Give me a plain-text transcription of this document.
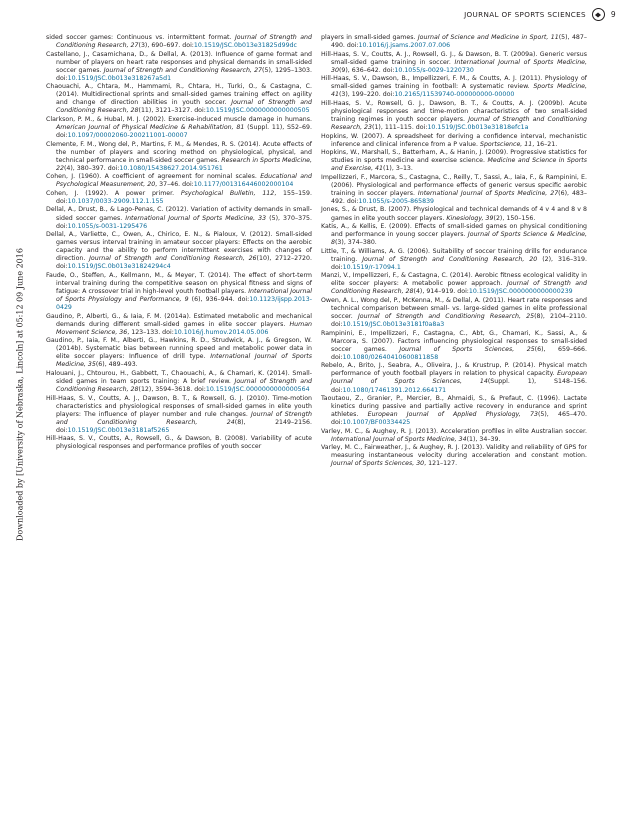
JOURNAL OF SPORTS SCIENCES	9
Downloaded by [University of Nebraska, Lincoln] at 05:12 09 June 2016

sided soccer games: Continuous vs. intermittent format. Journal of Strength and Conditioning Research, 27(3), 690–697. doi:10.1519/JSC.0b013e31825d99dc

Castellano, J., Casamichana, D., & Dellal, A. (2013). Influence of game format and number of players on heart rate responses and physical demands in small-sided soccer games. Journal of Strength and Conditioning Research, 27(5), 1295–1303. doi:10.1519/JSC.0b013e318267a5d1

Chaouachi, A., Chtara, M., Hammami, R., Chtara, H., Turki, O., & Castagna, C. (2014). Multidirectional sprints and small-sided games training effect on agility and change of direction abilities in youth soccer. Journal of Strength and Conditioning Research, 28(11), 3121–3127. doi:10.1519/JSC.0000000000000505

Clarkson, P. M., & Hubal, M. J. (2002). Exercise-induced muscle damage in humans. American Journal of Physical Medicine & Rehabilitation, 81 (Suppl. 11), S52–69. doi:10.1097/00002060-200211001-00007

Clemente, F. M., Wong del, P., Martins, F. M., & Mendes, R. S. (2014). Acute effects of the number of players and scoring method on physiological, physical, and technical performance in small-sided soccer games. Research in Sports Medicine, 22(4), 380–397. doi:10.1080/15438627.2014.951761

Cohen, J. (1960). A coefficient of agreement for nominal scales. Educational and Psychological Measurement, 20, 37–46. doi:10.1177/001316446002000104

Cohen, J. (1992). A power primer. Psychological Bulletin, 112, 155–159. doi:10.1037/0033-2909.112.1.155

Dellal, A., Drust, B., & Lago-Penas, C. (2012). Variation of activity demands in small-sided soccer games. International Journal of Sports Medicine, 33 (5), 370–375. doi:10.1055/s-0031-1295476

Dellal, A., Varliette, C., Owen, A., Chirico, E. N., & Pialoux, V. (2012). Small-sided games versus interval training in amateur soccer players: Effects on the aerobic capacity and the ability to perform intermittent exercises with changes of direction. Journal of Strength and Conditioning Research, 26(10), 2712–2720. doi:10.1519/JSC.0b013e31824294c4

Faude, O., Steffen, A., Kellmann, M., & Meyer, T. (2014). The effect of short-term interval training during the competitive season on physical fitness and signs of fatigue: A crossover trial in high-level youth football players. International Journal of Sports Physiology and Performance, 9 (6), 936–944. doi:10.1123/ijspp.2013-0429

Gaudino, P., Alberti, G., & Iaia, F. M. (2014a). Estimated metabolic and mechanical demands during different small-sided games in elite soccer players. Human Movement Science, 36, 123–133. doi:10.1016/j.humov.2014.05.006

Gaudino, P., Iaia, F. M., Alberti, G., Hawkins, R. D., Strudwick, A. J., & Gregson, W. (2014b). Systematic bias between running speed and metabolic power data in elite soccer players: Influence of drill type. International Journal of Sports Medicine, 35(6), 489–493.

Halouani, J., Chtourou, H., Gabbett, T., Chaouachi, A., & Chamari, K. (2014). Small-sided games in team sports training: A brief review. Journal of Strength and Conditioning Research, 28(12), 3594–3618. doi:10.1519/JSC.0000000000000564

Hill-Haas, S. V., Coutts, A. J., Dawson, B. T., & Rowsell, G. J. (2010). Time-motion characteristics and physiological responses of small-sided games in elite youth players: The influence of player number and rule changes. Journal of Strength and Conditioning Research, 24(8), 2149–2156. doi:10.1519/JSC.0b013e3181af5265

Hill-Haas, S. V., Coutts, A., Rowsell, G., & Dawson, B. (2008). Variability of acute physiological responses and performance profiles of youth soccer

players in small-sided games. Journal of Science and Medicine in Sport, 11(5), 487–490. doi:10.1016/j.jsams.2007.07.006

Hill-Haas, S. V., Coutts, A. J., Rowsell, G. J., & Dawson, B. T. (2009a). Generic versus small-sided game training in soccer. International Journal of Sports Medicine, 30(9), 636–642. doi:10.1055/s-0029-1220730

Hill-Haas, S. V., Dawson, B., Impellizzeri, F. M., & Coutts, A. J. (2011). Physiology of small-sided games training in football: A systematic review. Sports Medicine, 41(3), 199–220. doi:10.2165/11539740-000000000-00000

Hill-Haas, S. V., Rowsell, G. J., Dawson, B. T., & Coutts, A. J. (2009b). Acute physiological responses and time-motion characteristics of two small-sided training regimes in youth soccer players. Journal of Strength and Conditioning Research, 23(1), 111–115. doi:10.1519/JSC.0b013e31818efc1a

Hopkins, W. (2007). A spreadsheet for deriving a confidence interval, mechanistic inference and clinical inference from a P value. Sportscience, 11, 16–21.

Hopkins, W., Marshall, S., Batterham, A., & Hanin, J. (2009). Progressive statistics for studies in sports medicine and exercise science. Medicine and Science in Sports and Exercise, 41(1), 3–13.

Impellizzeri, F., Marcora, S., Castagna, C., Reilly, T., Sassi, A., Iaia, F., & Rampinini, E. (2006). Physiological and performance effects of generic versus specific aerobic training in soccer players. International Journal of Sports Medicine, 27(6), 483–492. doi:10.1055/s-2005-865839

Jones, S., & Drust, B. (2007). Physiological and technical demands of 4 v 4 and 8 v 8 games in elite youth soccer players. Kinesiology, 39(2), 150–156.

Katis, A., & Kellis, E. (2009). Effects of small-sided games on physical conditioning and performance in young soccer players. Journal of Sports Science & Medicine, 8(3), 374–380.

Little, T., & Williams, A. G. (2006). Suitability of soccer training drills for endurance training. Journal of Strength and Conditioning Research, 20 (2), 316–319. doi:10.1519/r-17094.1

Manzi, V., Impellizzeri, F., & Castagna, C. (2014). Aerobic fitness ecological validity in elite soccer players: A metabolic power approach. Journal of Strength and Conditioning Research, 28(4), 914–919. doi:10.1519/JSC.0000000000000239

Owen, A. L., Wong del, P., McKenna, M., & Dellal, A. (2011). Heart rate responses and technical comparison between small- vs. large-sided games in elite professional soccer. Journal of Strength and Conditioning Research, 25(8), 2104–2110. doi:10.1519/JSC.0b013e3181f0a8a3

Rampinini, E., Impellizzeri, F., Castagna, C., Abt, G., Chamari, K., Sassi, A., & Marcora, S. (2007). Factors influencing physiological responses to small-sided soccer games. Journal of Sports Sciences, 25(6), 659–666. doi:10.1080/02640410600811858

Rebelo, A., Brito, J., Seabra, A., Oliveira, J., & Krustrup, P. (2014). Physical match performance of youth football players in relation to physical capacity. European Journal of Sports Sciences, 14(Suppl. 1), S148–156. doi:10.1080/17461391.2012.664171

Taoutaou, Z., Granier, P., Mercier, B., Ahmaidi, S., & Prefaut, C. (1996). Lactate kinetics during passive and partially active recovery in endurance and sprint athletes. European Journal of Applied Physiology, 73(5), 465–470. doi:10.1007/BF00334425

Varley, M. C., & Aughey, R. J. (2013). Acceleration profiles in elite Australian soccer. International Journal of Sports Medicine, 34(1), 34–39.

Varley, M. C., Fairweather, J., & Aughey, R. J. (2013). Validity and reliability of GPS for measuring instantaneous velocity during acceleration and constant motion. Journal of Sports Sciences, 30, 121–127.
